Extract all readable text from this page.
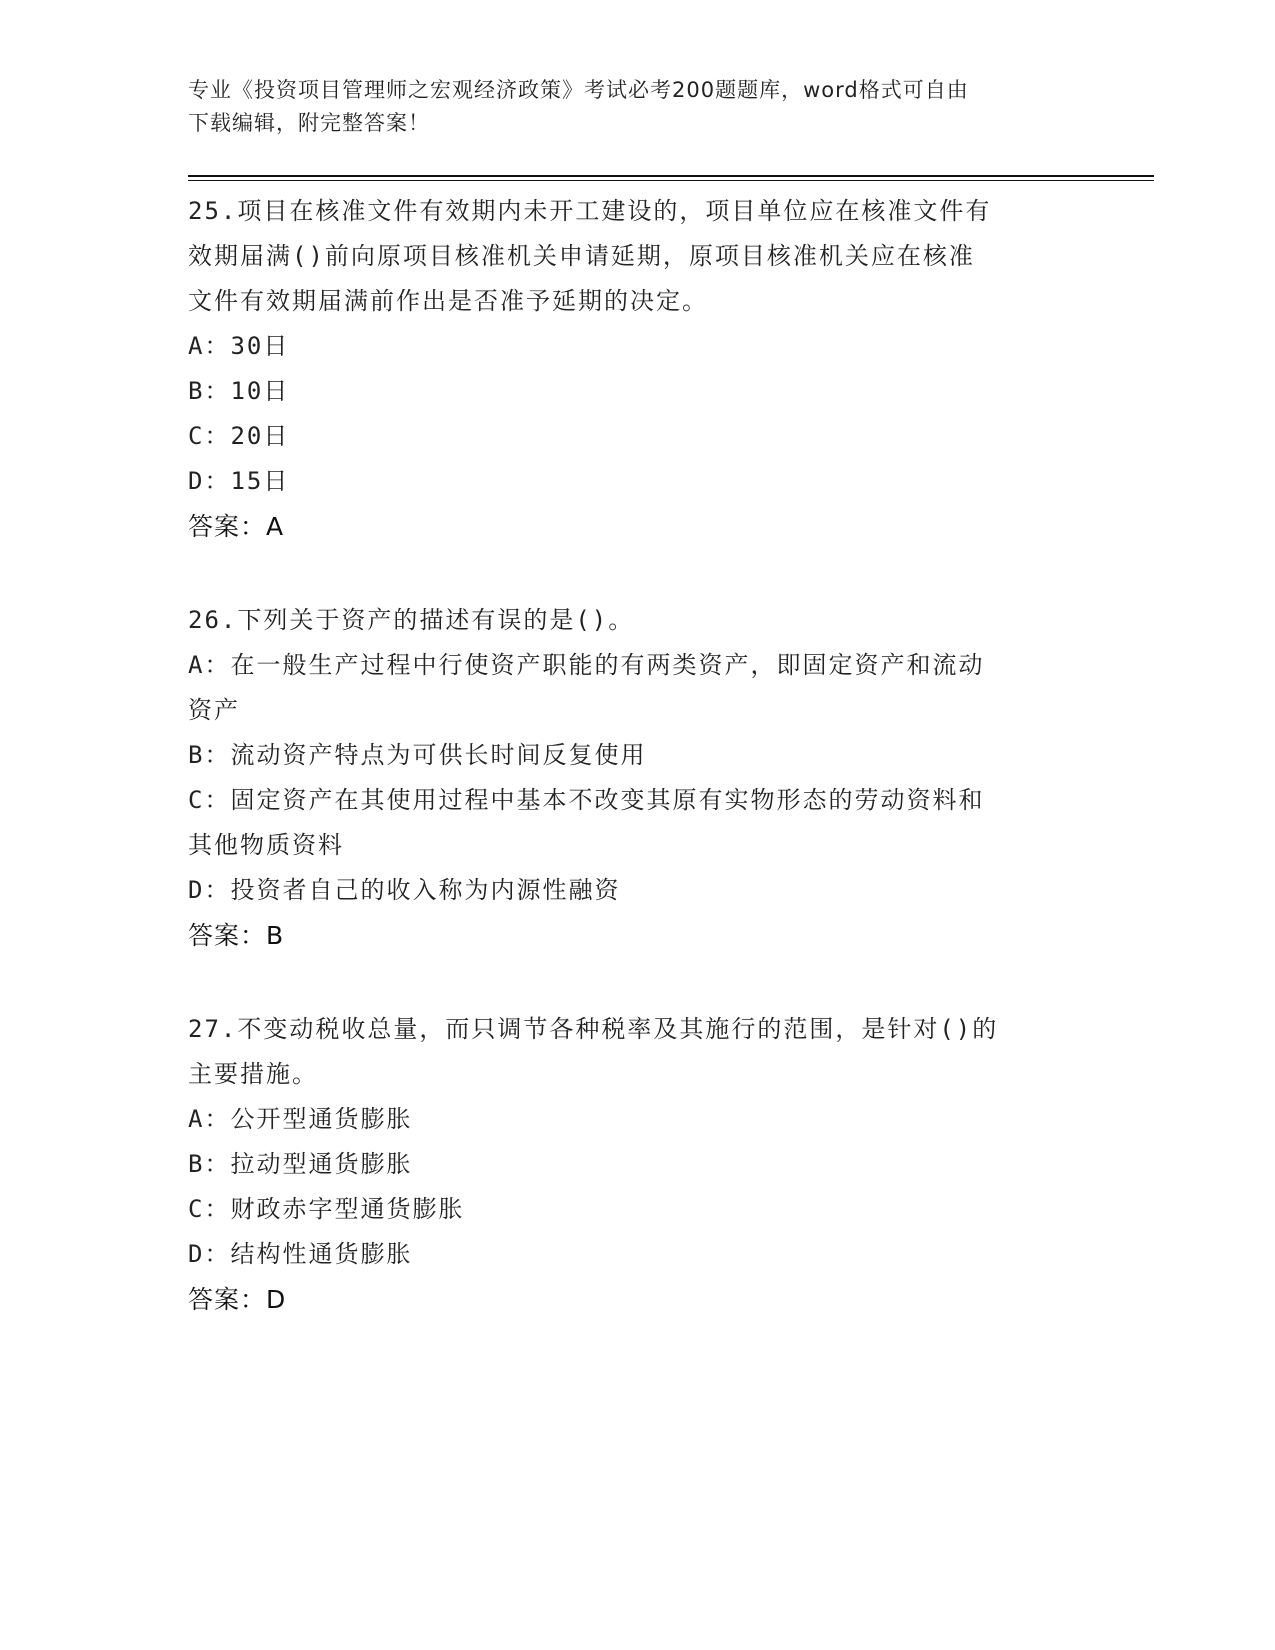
专业《投资项目管理师之宏观经济政策》考试必考200题题库，word格式可自由
下载编辑，附完整答案！
25.项目在核准文件有效期内未开工建设的，项目单位应在核准文件有
效期届满()前向原项目核准机关申请延期，原项目核准机关应在核准
文件有效期届满前作出是否准予延期的决定。
A：30日
B：10日
C：20日
D：15日
答案：A
26.下列关于资产的描述有误的是()。
A：在一般生产过程中行使资产职能的有两类资产，即固定资产和流动
资产
B：流动资产特点为可供长时间反复使用
C：固定资产在其使用过程中基本不改变其原有实物形态的劳动资料和
其他物质资料
D：投资者自己的收入称为内源性融资
答案：B
27.不变动税收总量，而只调节各种税率及其施行的范围，是针对()的
主要措施。
A：公开型通货膨胀
B：拉动型通货膨胀
C：财政赤字型通货膨胀
D：结构性通货膨胀
答案：D
